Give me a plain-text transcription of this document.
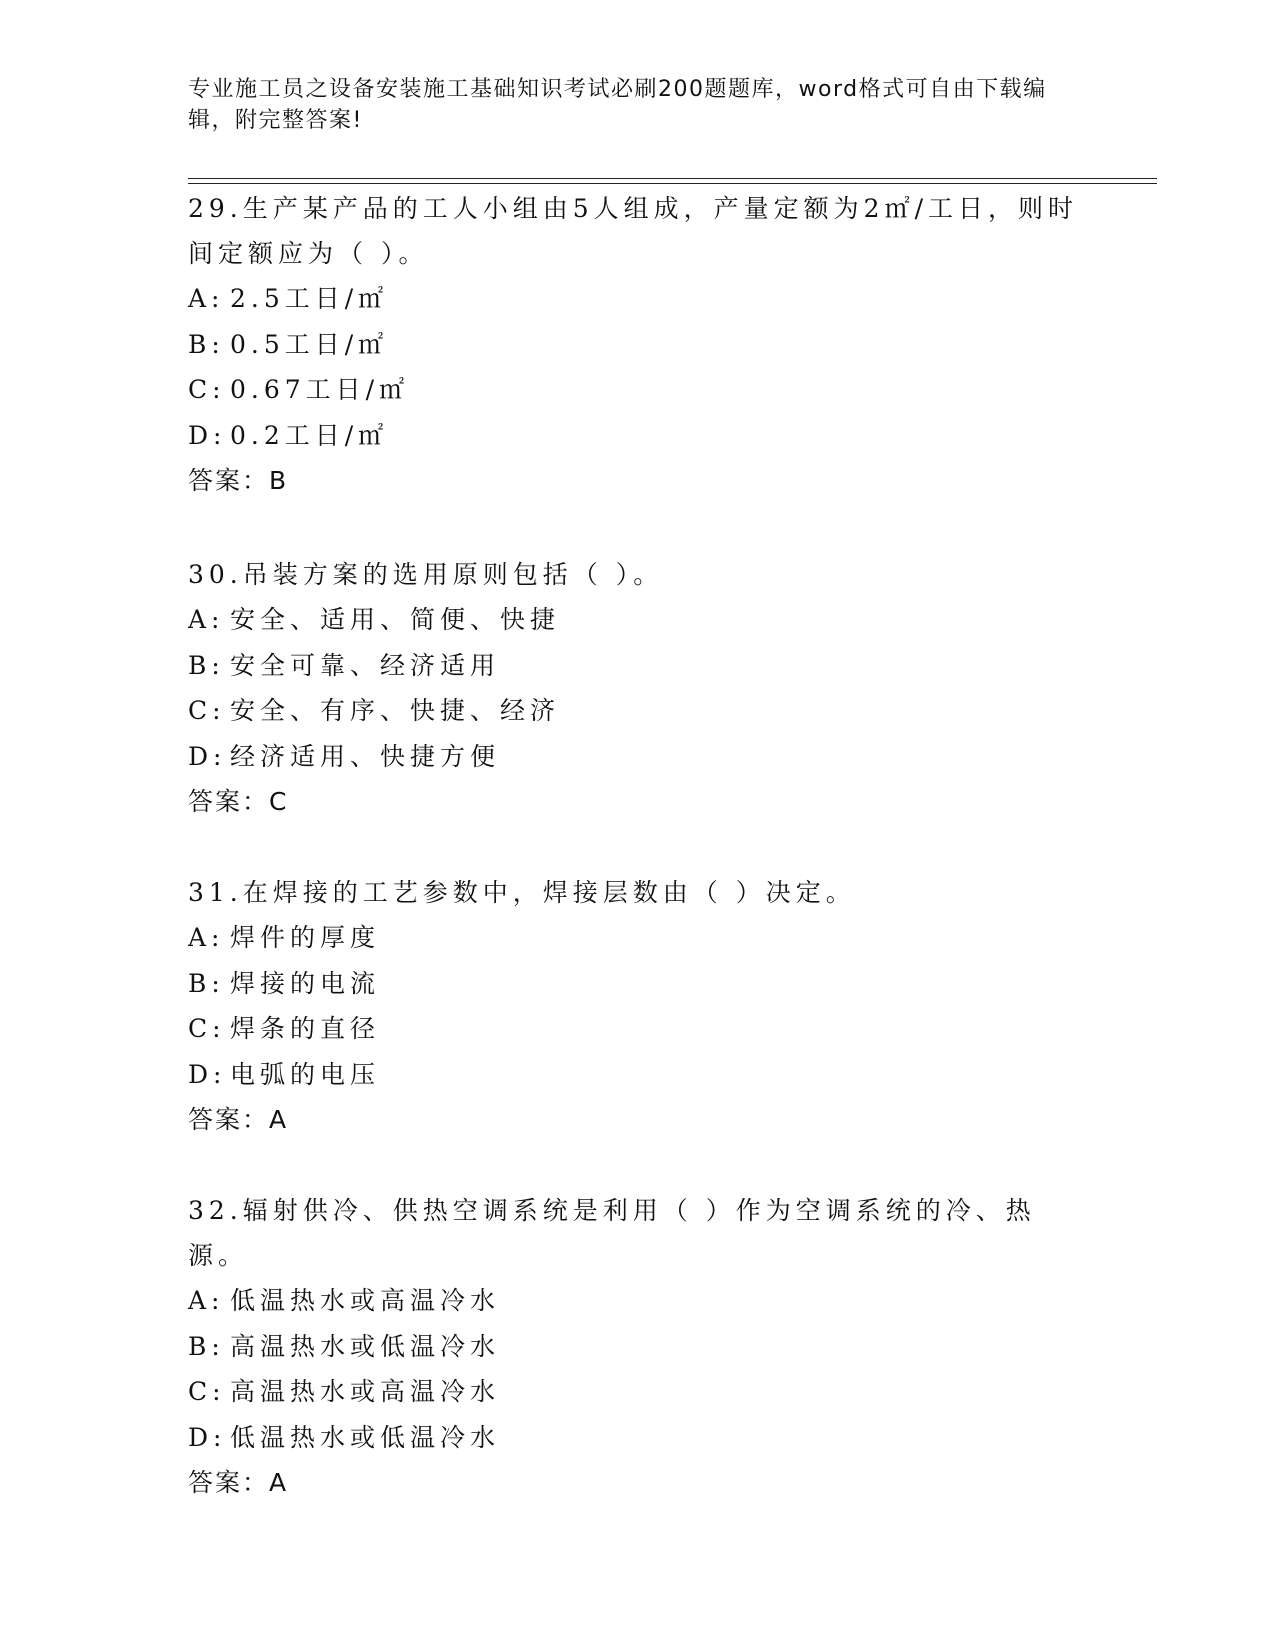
专业施工员之设备安装施工基础知识考试必刷200题题库，word格式可自由下载编辑，附完整答案!

29.生产某产品的工人小组由5人组成，产量定额为2㎡/工日，则时间定额应为（ ）。

A: 2.5工日/㎡

B: 0.5工日/㎡

C: 0.67工日/㎡

D: 0.2工日/㎡

答案：B

30.吊装方案的选用原则包括（ ）。

A: 安全、适用、简便、快捷

B: 安全可靠、经济适用

C: 安全、有序、快捷、经济

D: 经济适用、快捷方便

答案：C

31.在焊接的工艺参数中，焊接层数由（ ）决定。

A: 焊件的厚度

B: 焊接的电流

C: 焊条的直径

D: 电弧的电压

答案：A

32.辐射供冷、供热空调系统是利用（ ）作为空调系统的冷、热源。

A: 低温热水或高温冷水

B: 高温热水或低温冷水

C: 高温热水或高温冷水

D: 低温热水或低温冷水

答案：A
